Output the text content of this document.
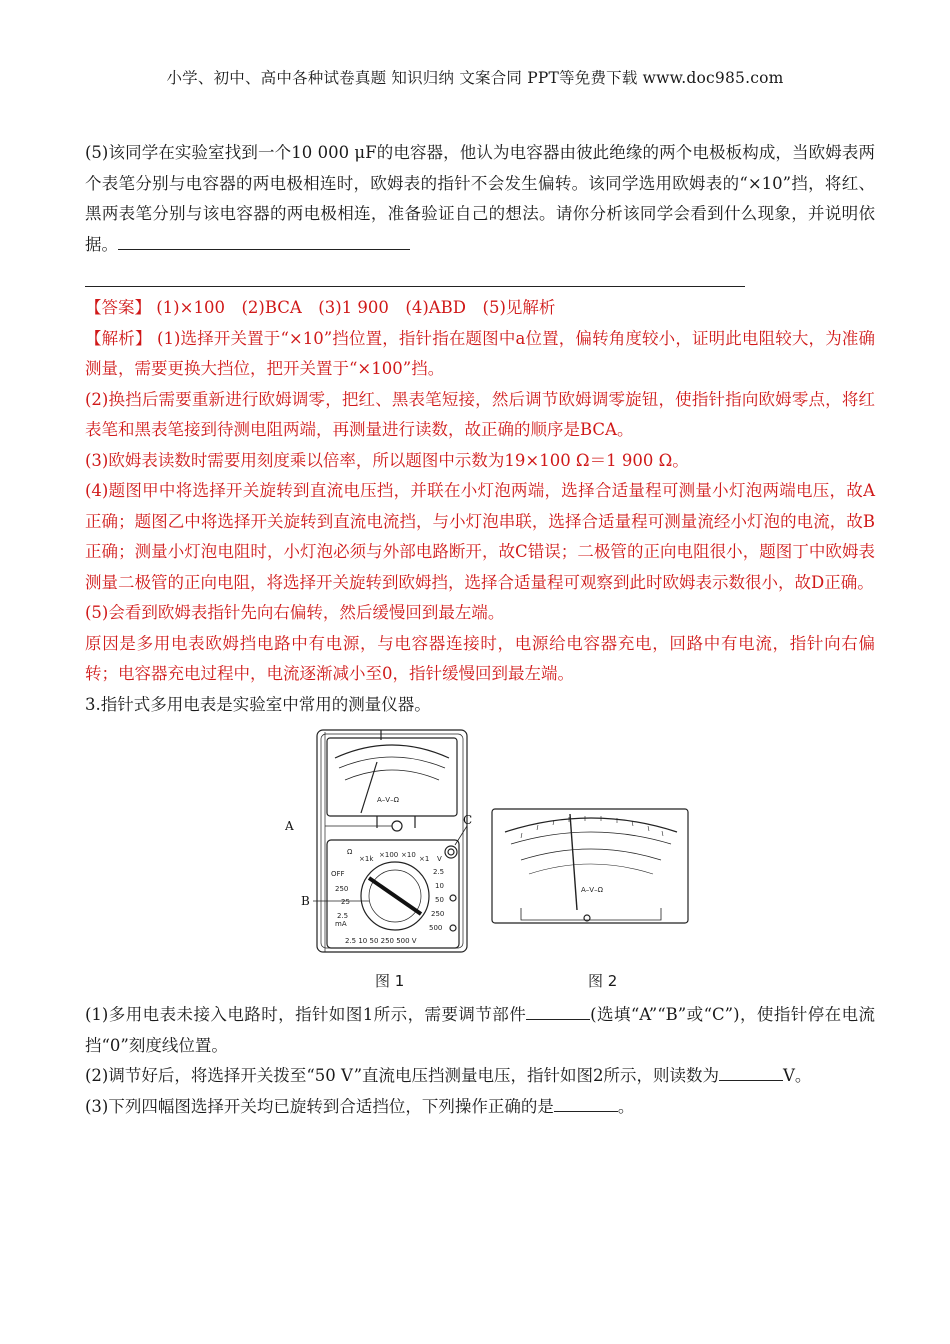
小学、初中、高中各种试卷真题 知识归纳 文案合同 PPT等免费下载 www.doc985.com

(5)该同学在实验室找到一个10 000 μF的电容器，他认为电容器由彼此绝缘的两个电极板构成，当欧姆表两个表笔分别与电容器的两电极相连时，欧姆表的指针不会发生偏转。该同学选用欧姆表的“×10”挡，将红、黑两表笔分别与该电容器的两电极相连，准备验证自己的想法。请你分析该同学会看到什么现象，并说明依据。

【答案】 (1)×100　(2)BCA　(3)1 900　(4)ABD　(5)见解析

【解析】 (1)选择开关置于“×10”挡位置，指针指在题图中a位置，偏转角度较小，证明此电阻较大，为准确测量，需要更换大挡位，把开关置于“×100”挡。

(2)换挡后需要重新进行欧姆调零，把红、黑表笔短接，然后调节欧姆调零旋钮，使指针指向欧姆零点，将红表笔和黑表笔接到待测电阻两端，再测量进行读数，故正确的顺序是BCA。

(3)欧姆表读数时需要用刻度乘以倍率，所以题图中示数为19×100 Ω＝1 900 Ω。

(4)题图甲中将选择开关旋转到直流电压挡，并联在小灯泡两端，选择合适量程可测量小灯泡两端电压，故A正确；题图乙中将选择开关旋转到直流电流挡，与小灯泡串联，选择合适量程可测量流经小灯泡的电流，故B正确；测量小灯泡电阻时，小灯泡必须与外部电路断开，故C错误；二极管的正向电阻很小，题图丁中欧姆表测量二极管的正向电阻，将选择开关旋转到欧姆挡，选择合适量程可观察到此时欧姆表示数很小，故D正确。

(5)会看到欧姆表指针先向右偏转，然后缓慢回到最左端。

原因是多用电表欧姆挡电路中有电源，与电容器连接时，电源给电容器充电，回路中有电流，指针向右偏转；电容器充电过程中，电流逐渐减小至0，指针缓慢回到最左端。

3.指针式多用电表是实验室中常用的测量仪器。

Ω
×1k ×100 ×10 ×1 V
OFF
250
25
2.5
mA
2.5
10
50
250
500
2.5 10 50 250 500 V
A–V–Ω
A
B
C
A–V–Ω
图 1	图 2

(1)多用电表未接入电路时，指针如图1所示，需要调节部件	(选填“A”“B”或“C”)，使指针停在电流挡“0”刻度线位置。

(2)调节好后，将选择开关拨至“50 V”直流电压挡测量电压，指针如图2所示，则读数为	V。

(3)下列四幅图选择开关均已旋转到合适挡位，下列操作正确的是	。
